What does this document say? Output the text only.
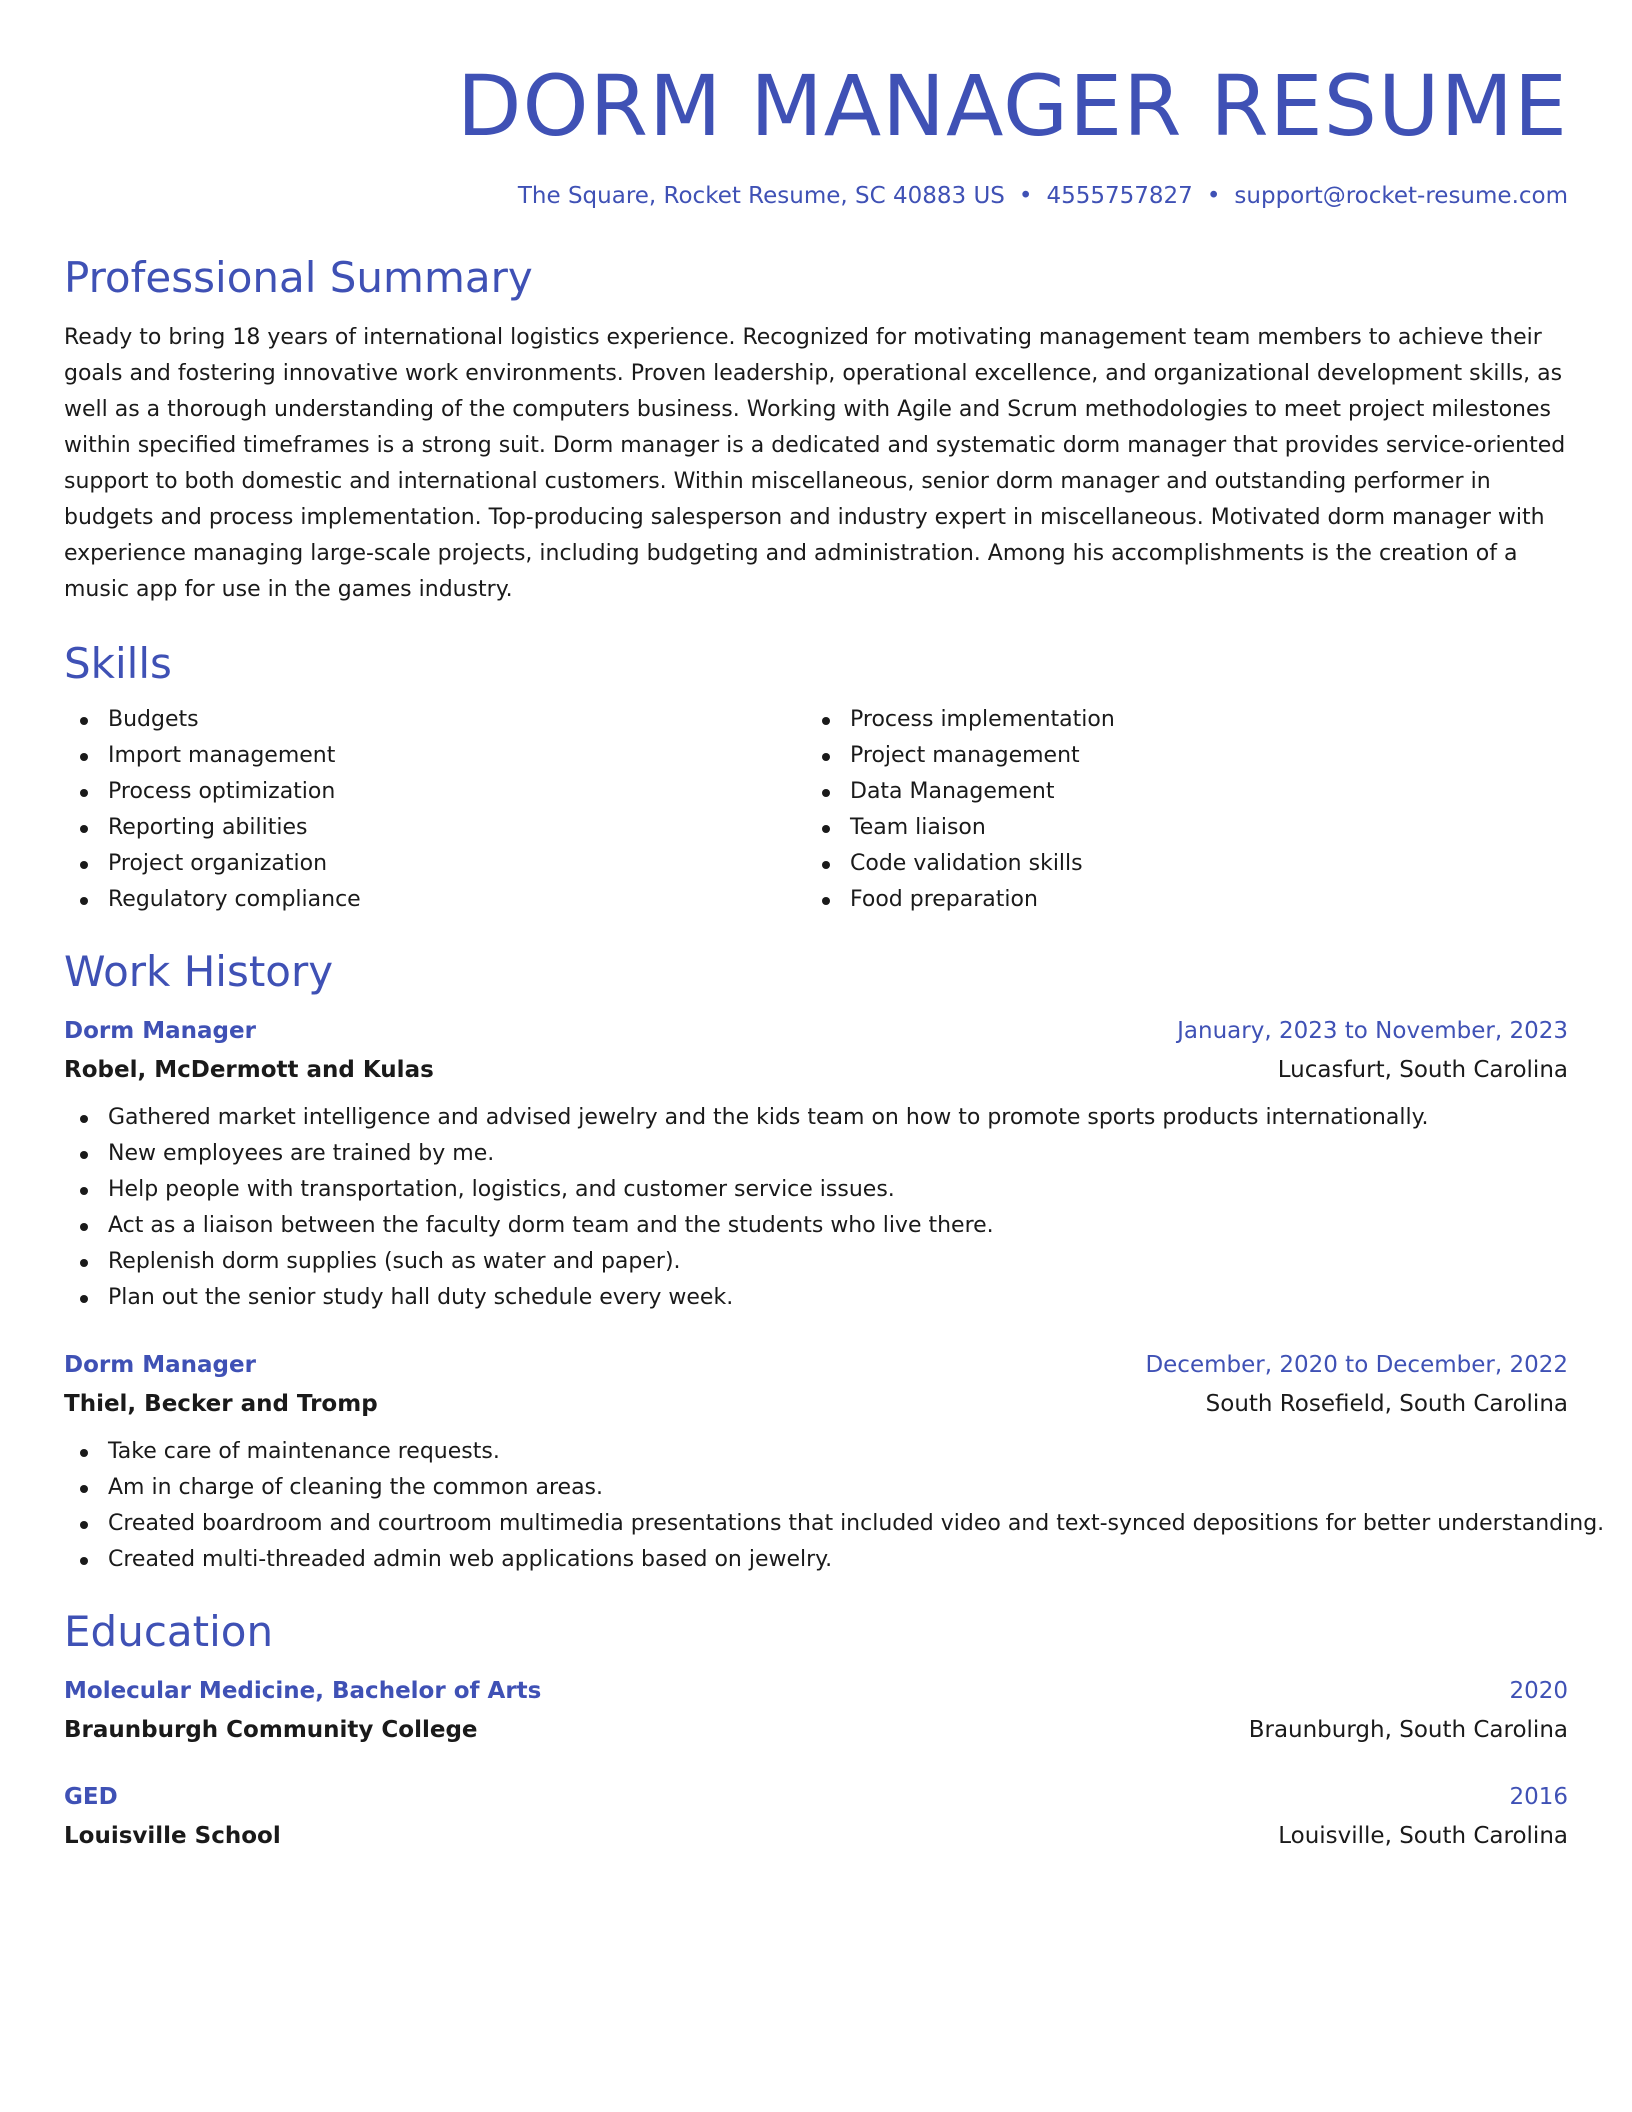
DORM MANAGER RESUME
The Square, Rocket Resume, SC 40883 US • 4555757827 • support@rocket-resume.com
Professional Summary
Ready to bring 18 years of international logistics experience. Recognized for motivating management team members to achieve their goals and fostering innovative work environments. Proven leadership, operational excellence, and organizational development skills, as well as a thorough understanding of the computers business. Working with Agile and Scrum methodologies to meet project milestones within specified timeframes is a strong suit. Dorm manager is a dedicated and systematic dorm manager that provides service-oriented support to both domestic and international customers. Within miscellaneous, senior dorm manager and outstanding performer in budgets and process implementation. Top-producing salesperson and industry expert in miscellaneous. Motivated dorm manager with experience managing large-scale projects, including budgeting and administration. Among his accomplishments is the creation of a music app for use in the games industry.
Skills
Budgets
Import management
Process optimization
Reporting abilities
Project organization
Regulatory compliance
Process implementation
Project management
Data Management
Team liaison
Code validation skills
Food preparation
Work History
Dorm Manager	January, 2023 to November, 2023
Robel, McDermott and Kulas	Lucasfurt, South Carolina
Gathered market intelligence and advised jewelry and the kids team on how to promote sports products internationally.
New employees are trained by me.
Help people with transportation, logistics, and customer service issues.
Act as a liaison between the faculty dorm team and the students who live there.
Replenish dorm supplies (such as water and paper).
Plan out the senior study hall duty schedule every week.
Dorm Manager	December, 2020 to December, 2022
Thiel, Becker and Tromp	South Rosefield, South Carolina
Take care of maintenance requests.
Am in charge of cleaning the common areas.
Created boardroom and courtroom multimedia presentations that included video and text-synced depositions for better understanding.
Created multi-threaded admin web applications based on jewelry.
Education
Molecular Medicine, Bachelor of Arts	2020
Braunburgh Community College	Braunburgh, South Carolina
GED	2016
Louisville School	Louisville, South Carolina
